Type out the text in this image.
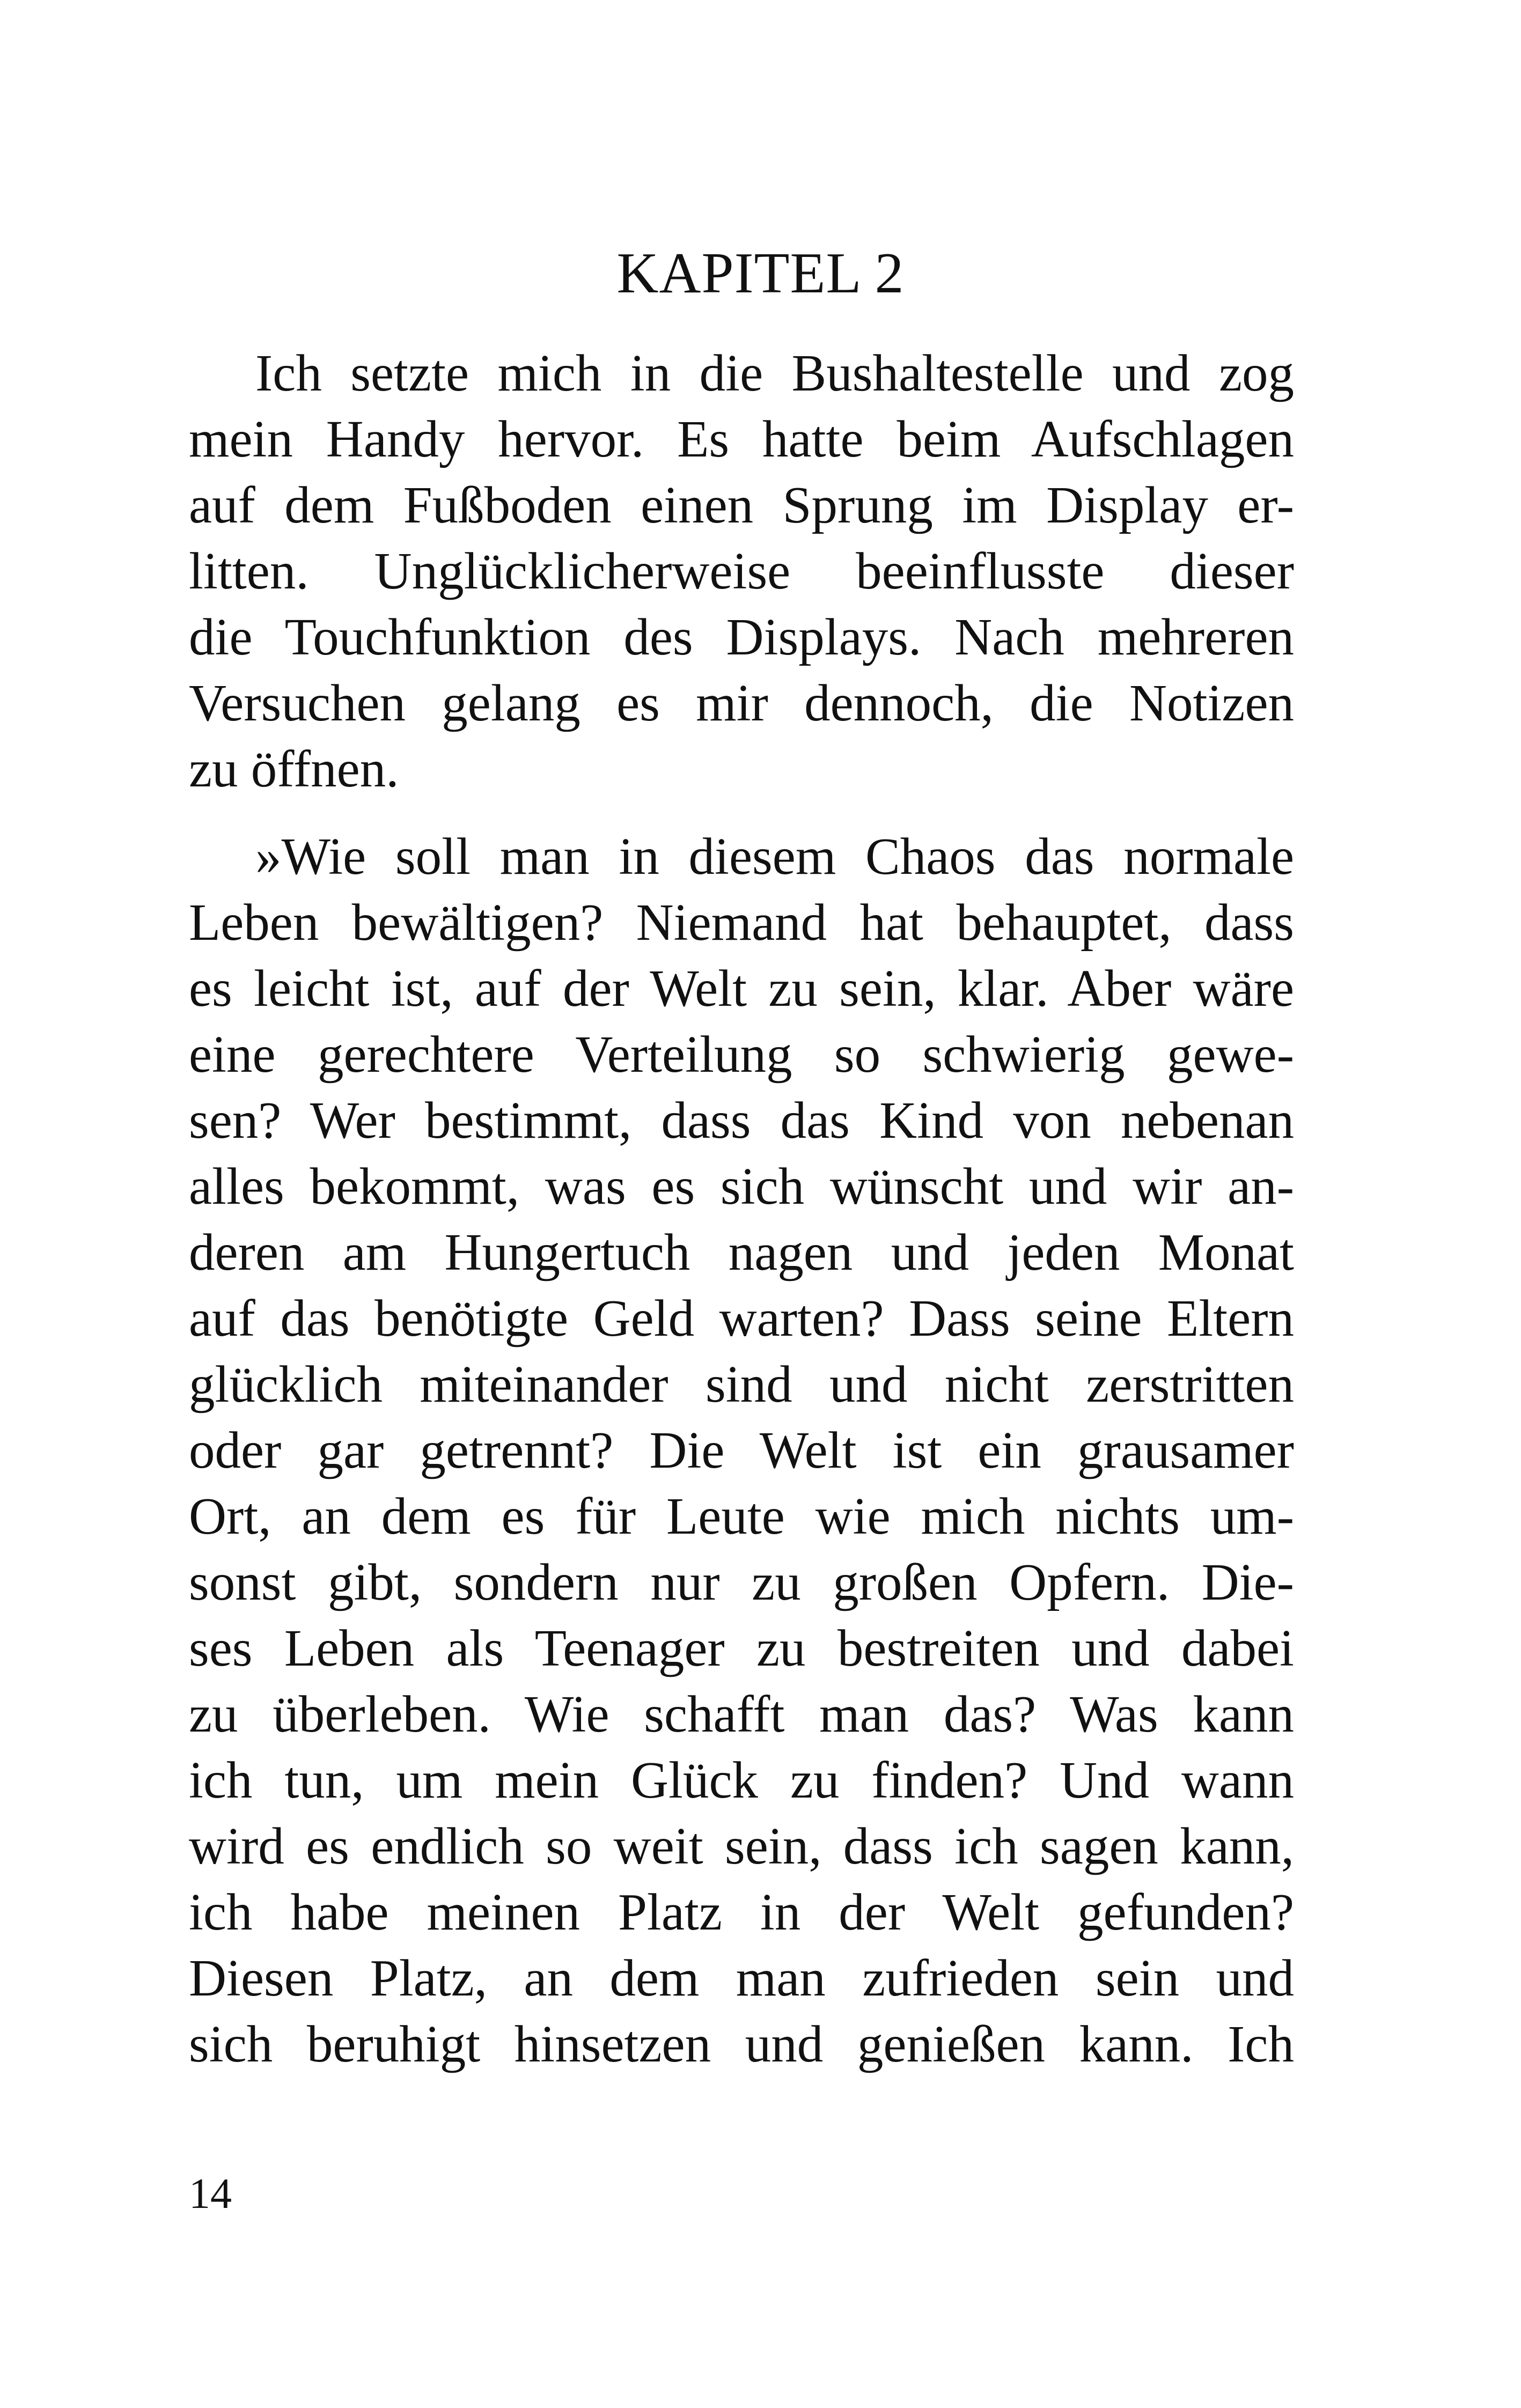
KAPITEL 2
Ich setzte mich in die Bushaltestelle und zog
mein Handy hervor. Es hatte beim Aufschlagen
auf dem Fußboden einen Sprung im Display er-
litten. Unglücklicherweise beeinflusste dieser
die Touchfunktion des Displays. Nach mehreren
Versuchen gelang es mir dennoch, die Notizen
zu öffnen.
»Wie soll man in diesem Chaos das normale
Leben bewältigen? Niemand hat behauptet, dass
es leicht ist, auf der Welt zu sein, klar. Aber wäre
eine gerechtere Verteilung so schwierig gewe-
sen? Wer bestimmt, dass das Kind von nebenan
alles bekommt, was es sich wünscht und wir an-
deren am Hungertuch nagen und jeden Monat
auf das benötigte Geld warten? Dass seine Eltern
glücklich miteinander sind und nicht zerstritten
oder gar getrennt? Die Welt ist ein grausamer
Ort, an dem es für Leute wie mich nichts um-
sonst gibt, sondern nur zu großen Opfern. Die-
ses Leben als Teenager zu bestreiten und dabei
zu überleben. Wie schafft man das? Was kann
ich tun, um mein Glück zu finden? Und wann
wird es endlich so weit sein, dass ich sagen kann,
ich habe meinen Platz in der Welt gefunden?
Diesen Platz, an dem man zufrieden sein und
sich beruhigt hinsetzen und genießen kann. Ich
14
